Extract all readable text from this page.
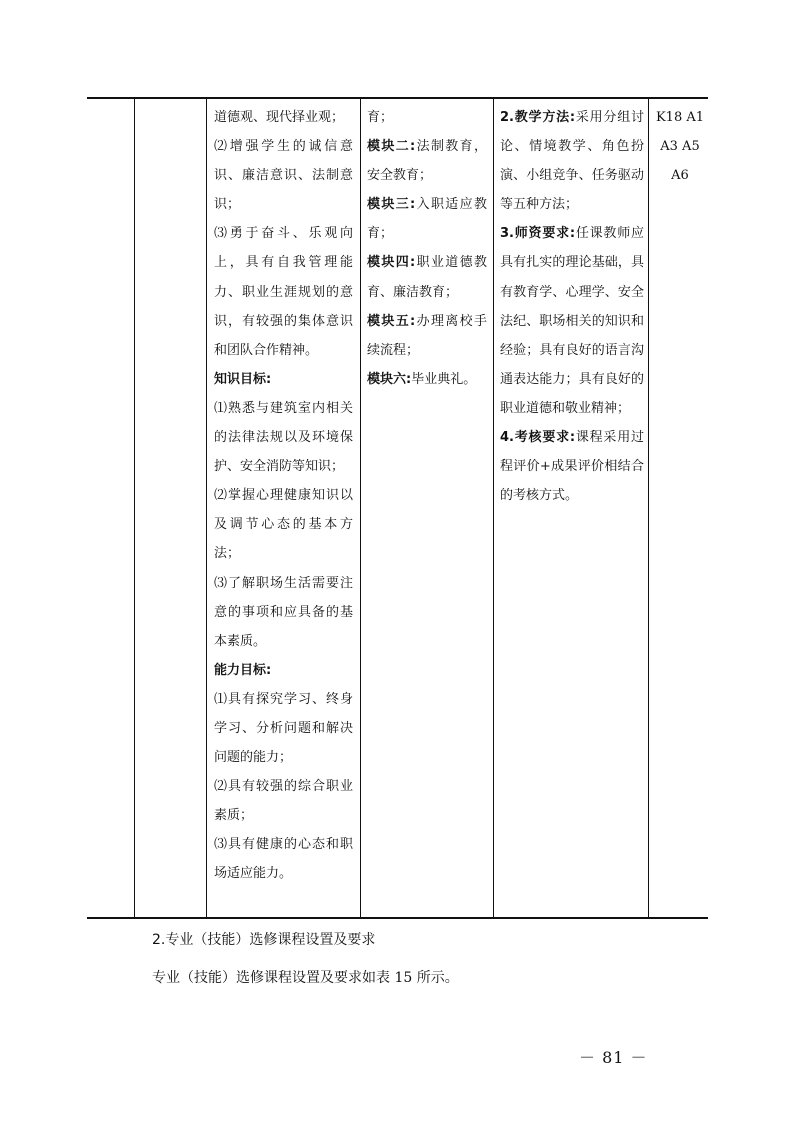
道德观、现代择业观；
⑵增强学生的诚信意识、廉洁意识、法制意识；
⑶勇于奋斗、乐观向上，具有自我管理能力、职业生涯规划的意识，有较强的集体意识和团队合作精神。
知识目标:
⑴熟悉与建筑室内相关的法律法规以及环境保护、安全消防等知识；
⑵掌握心理健康知识以及调节心态的基本方法；
⑶了解职场生活需要注意的事项和应具备的基本素质。
能力目标:
⑴具有探究学习、终身学习、分析问题和解决问题的能力；
⑵具有较强的综合职业素质；
⑶具有健康的心态和职场适应能力。
育；
模块二:法制教育，安全教育；
模块三:入职适应教育；
模块四:职业道德教育、廉洁教育；
模块五:办理离校手续流程；
模块六:毕业典礼。
2.教学方法:采用分组讨论、情境教学、角色扮演、小组竞争、任务驱动等五种方法；
3.师资要求:任课教师应具有扎实的理论基础，具有教育学、心理学、安全法纪、职场相关的知识和经验；具有良好的语言沟通表达能力；具有良好的职业道德和敬业精神；
4.考核要求:课程采用过程评价+成果评价相结合的考核方式。
K18 A1
A3 A5
A6
2.专业（技能）选修课程设置及要求
专业（技能）选修课程设置及要求如表 15 所示。
－ 81 －
